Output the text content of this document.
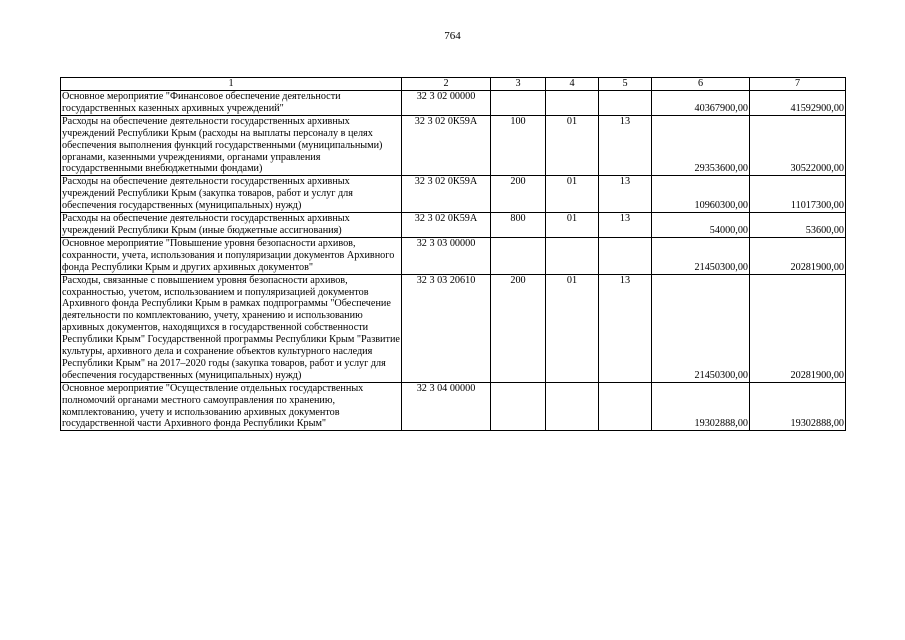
764
1	2	3	4	5	6	7
Основное мероприятие "Финансовое обеспечение деятельности государственных казенных архивных учреждений"	32 3 02 00000				40367900,00	41592900,00
Расходы на обеспечение деятельности государственных архивных учреждений Республики Крым (расходы на выплаты персоналу в целях обеспечения выполнения функций государственными (муниципальными) органами, казенными учреждениями, органами управления государственными внебюджетными фондами)	32 3 02 0К59А	100	01	13	29353600,00	30522000,00
Расходы на обеспечение деятельности государственных архивных учреждений Республики Крым (закупка товаров, работ и услуг для обеспечения государственных (муниципальных) нужд)	32 3 02 0К59А	200	01	13	10960300,00	11017300,00
Расходы на обеспечение деятельности государственных архивных учреждений Республики Крым (иные бюджетные ассигнования)	32 3 02 0К59А	800	01	13	54000,00	53600,00
Основное мероприятие "Повышение уровня безопасности архивов, сохранности, учета, использования и популяризации документов Архивного фонда Республики Крым и других архивных документов"	32 3 03 00000				21450300,00	20281900,00
Расходы, связанные с повышением уровня безопасности архивов, сохранностью, учетом, использованием и популяризацией документов Архивного фонда Республики Крым в рамках подпрограммы "Обеспечение деятельности по комплектованию, учету, хранению и использованию архивных документов, находящихся в государственной собственности Республики Крым" Государственной программы Республики Крым "Развитие культуры, архивного дела и сохранение объектов культурного наследия Республики Крым" на 2017–2020 годы (закупка товаров, работ и услуг для обеспечения государственных (муниципальных) нужд)	32 3 03 20610	200	01	13	21450300,00	20281900,00
Основное мероприятие "Осуществление отдельных государственных полномочий органами местного самоуправления по хранению, комплектованию, учету и использованию архивных документов государственной части Архивного фонда Республики Крым"	32 3 04 00000				19302888,00	19302888,00
